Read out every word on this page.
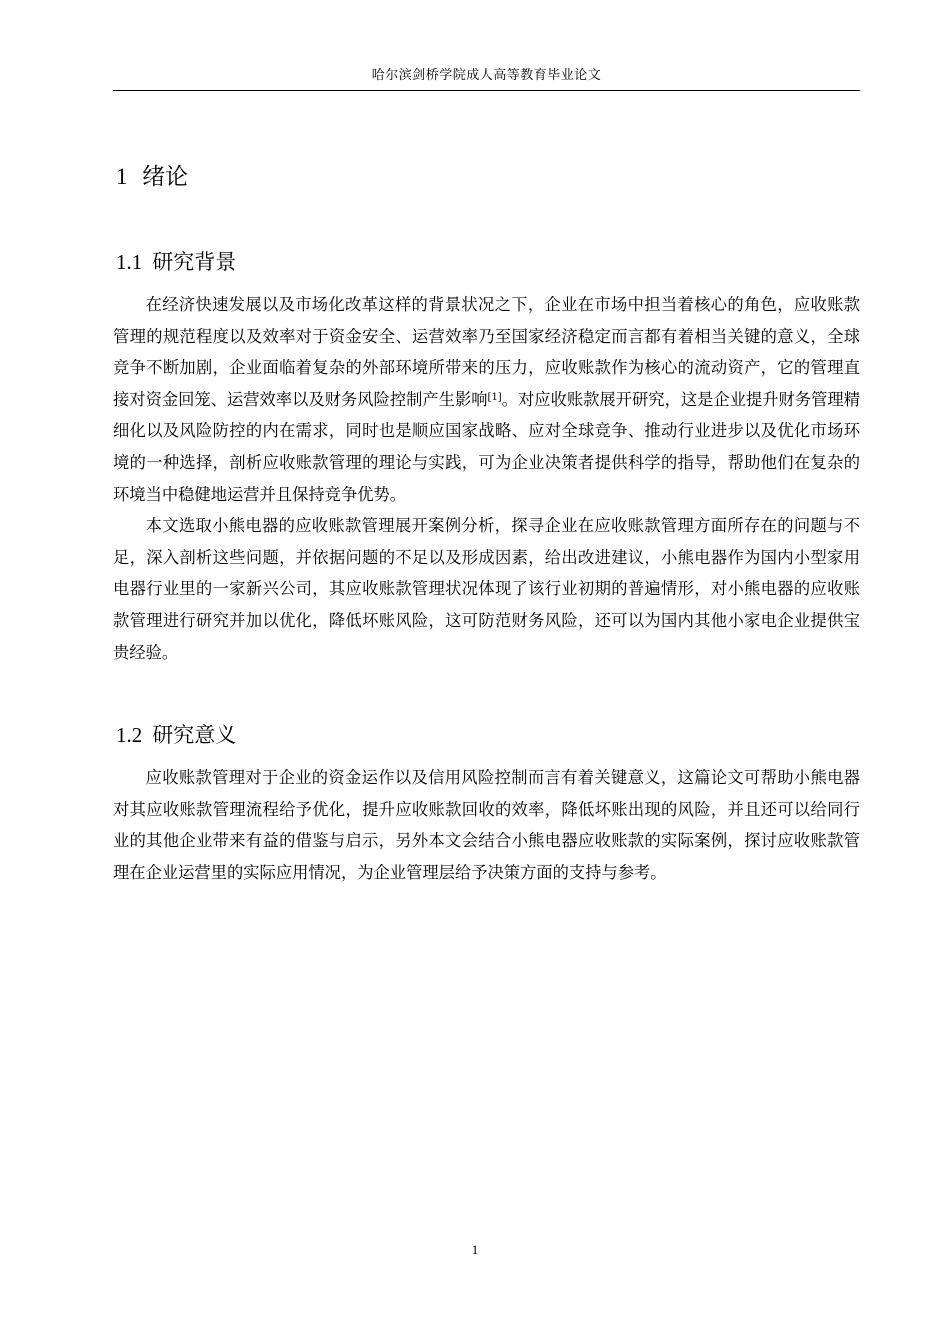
哈尔滨剑桥学院成人高等教育毕业论文
1 绪论
1.1 研究背景

在经济快速发展以及市场化改革这样的背景状况之下，企业在市场中担当着核心的角色，应收账款管理的规范程度以及效率对于资金安全、运营效率乃至国家经济稳定而言都有着相当关键的意义，全球竞争不断加剧，企业面临着复杂的外部环境所带来的压力，应收账款作为核心的流动资产，它的管理直接对资金回笼、运营效率以及财务风险控制产生影响[1]。对应收账款展开研究，这是企业提升财务管理精细化以及风险防控的内在需求，同时也是顺应国家战略、应对全球竞争、推动行业进步以及优化市场环境的一种选择，剖析应收账款管理的理论与实践，可为企业决策者提供科学的指导，帮助他们在复杂的环境当中稳健地运营并且保持竞争优势。

本文选取小熊电器的应收账款管理展开案例分析，探寻企业在应收账款管理方面所存在的问题与不足，深入剖析这些问题，并依据问题的不足以及形成因素，给出改进建议，小熊电器作为国内小型家用电器行业里的一家新兴公司，其应收账款管理状况体现了该行业初期的普遍情形，对小熊电器的应收账款管理进行研究并加以优化，降低坏账风险，这可防范财务风险，还可以为国内其他小家电企业提供宝贵经验。

1.2 研究意义

应收账款管理对于企业的资金运作以及信用风险控制而言有着关键意义，这篇论文可帮助小熊电器对其应收账款管理流程给予优化，提升应收账款回收的效率，降低坏账出现的风险，并且还可以给同行业的其他企业带来有益的借鉴与启示，另外本文会结合小熊电器应收账款的实际案例，探讨应收账款管理在企业运营里的实际应用情况，为企业管理层给予决策方面的支持与参考。

1
